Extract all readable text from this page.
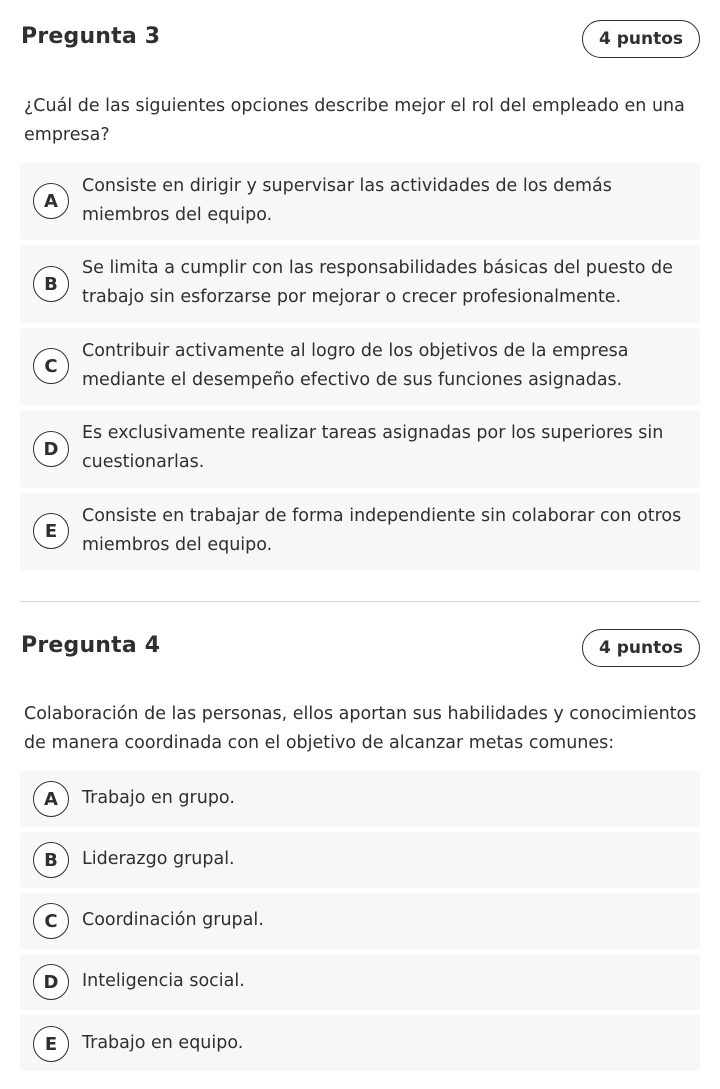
Pregunta 3	4 puntos

¿Cuál de las siguientes opciones describe mejor el rol del empleado en una empresa?

A
Consiste en dirigir y supervisar las actividades de los demás miembros del equipo.
B
Se limita a cumplir con las responsabilidades básicas del puesto de trabajo sin esforzarse por mejorar o crecer profesionalmente.
C
Contribuir activamente al logro de los objetivos de la empresa mediante el desempeño efectivo de sus funciones asignadas.
D
Es exclusivamente realizar tareas asignadas por los superiores sin cuestionarlas.
E
Consiste en trabajar de forma independiente sin colaborar con otros miembros del equipo.
Pregunta 4	4 puntos

Colaboración de las personas, ellos aportan sus habilidades y conocimientos de manera coordinada con el objetivo de alcanzar metas comunes:

A	Trabajo en grupo.
B	Liderazgo grupal.
C	Coordinación grupal.
D	Inteligencia social.
E	Trabajo en equipo.
